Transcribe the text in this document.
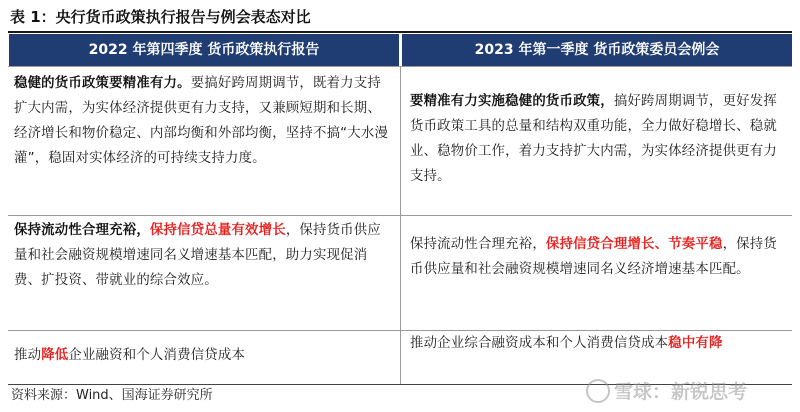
表 1：央行货币政策执行报告与例会表态对比
2022 年第四季度 货币政策执行报告	2023 年第一季度 货币政策委员会例会
稳健的货币政策要精准有力。要搞好跨周期调节，既着力支持扩大内需，为实体经济提供更有力支持，又兼顾短期和长期、经济增长和物价稳定、内部均衡和外部均衡，坚持不搞“大水漫灌”，稳固对实体经济的可持续支持力度。
要精准有力实施稳健的货币政策，搞好跨周期调节，更好发挥货币政策工具的总量和结构双重功能，全力做好稳增长、稳就业、稳物价工作，着力支持扩大内需，为实体经济提供更有力支持。
保持流动性合理充裕，保持信贷总量有效增长，保持货币供应量和社会融资规模增速同名义增速基本匹配，助力实现促消费、扩投资、带就业的综合效应。
保持流动性合理充裕，保持信贷合理增长、节奏平稳，保持货币供应量和社会融资规模增速同名义经济增速基本匹配。
推动降低企业融资和个人消费信贷成本
推动企业综合融资成本和个人消费信贷成本稳中有降
资料来源：Wind、国海证券研究所	雪球：新锐思考
